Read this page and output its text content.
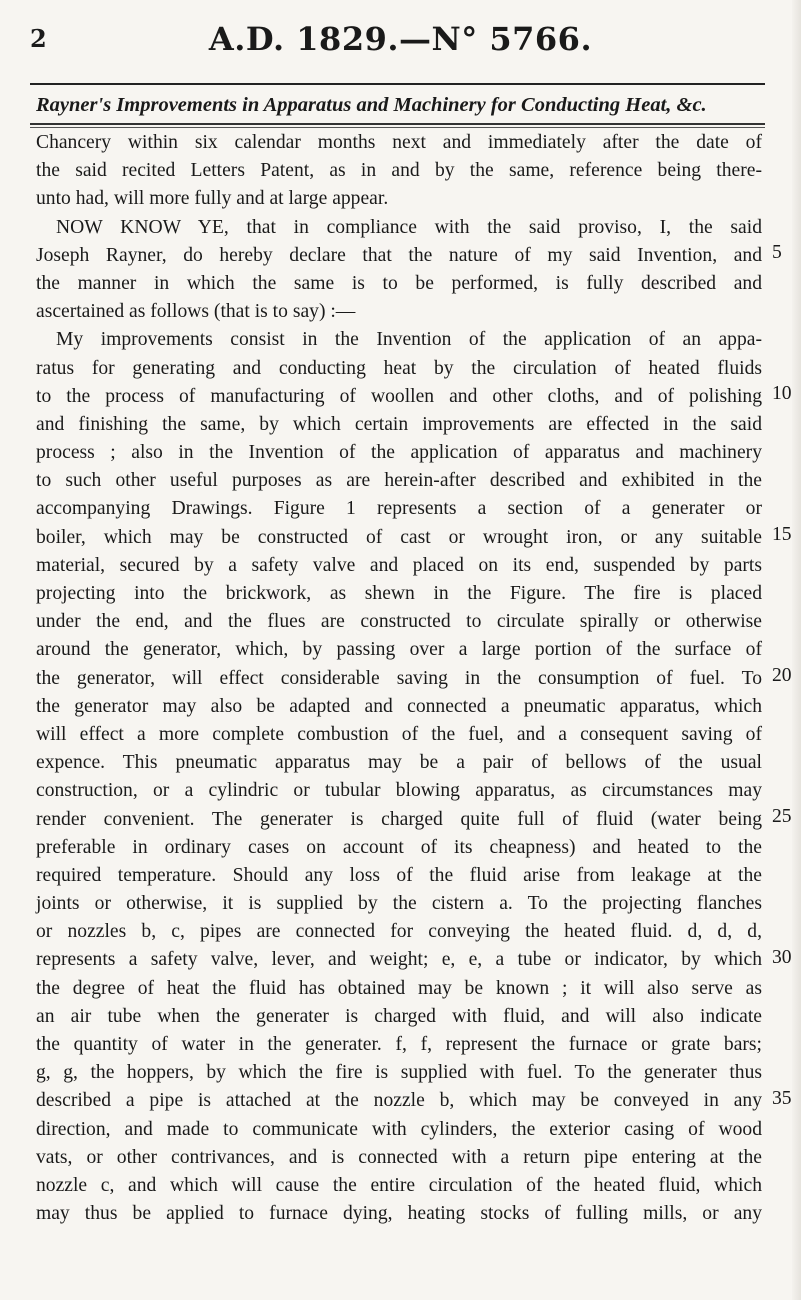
2	A.D. 1829.—N° 5766.
Rayner's Improvements in Apparatus and Machinery for Conducting Heat, &c.
Chancery within six calendar months next and immediately after the date of
the said recited Letters Patent, as in and by the same, reference being there-
unto had, will more fully and at large appear.
NOW KNOW YE, that in compliance with the said proviso, I, the said
Joseph Rayner, do hereby declare that the nature of my said Invention, and
the manner in which the same is to be performed, is fully described and
ascertained as follows (that is to say) :—
My improvements consist in the Invention of the application of an appa-
ratus for generating and conducting heat by the circulation of heated fluids
to the process of manufacturing of woollen and other cloths, and of polishing
and finishing the same, by which certain improvements are effected in the said
process ; also in the Invention of the application of apparatus and machinery
to such other useful purposes as are herein-after described and exhibited in the
accompanying Drawings. Figure 1 represents a section of a generater or
boiler, which may be constructed of cast or wrought iron, or any suitable
material, secured by a safety valve and placed on its end, suspended by parts
projecting into the brickwork, as shewn in the Figure. The fire is placed
under the end, and the flues are constructed to circulate spirally or otherwise
around the generator, which, by passing over a large portion of the surface of
the generator, will effect considerable saving in the consumption of fuel. To
the generator may also be adapted and connected a pneumatic apparatus, which
will effect a more complete combustion of the fuel, and a consequent saving of
expence. This pneumatic apparatus may be a pair of bellows of the usual
construction, or a cylindric or tubular blowing apparatus, as circumstances may
render convenient. The generater is charged quite full of fluid (water being
preferable in ordinary cases on account of its cheapness) and heated to the
required temperature. Should any loss of the fluid arise from leakage at the
joints or otherwise, it is supplied by the cistern a. To the projecting flanches
or nozzles b, c, pipes are connected for conveying the heated fluid. d, d, d,
represents a safety valve, lever, and weight; e, e, a tube or indicator, by which
the degree of heat the fluid has obtained may be known ; it will also serve as
an air tube when the generater is charged with fluid, and will also indicate
the quantity of water in the generater. f, f, represent the furnace or grate bars;
g, g, the hoppers, by which the fire is supplied with fuel. To the generater thus
described a pipe is attached at the nozzle b, which may be conveyed in any
direction, and made to communicate with cylinders, the exterior casing of wood
vats, or other contrivances, and is connected with a return pipe entering at the
nozzle c, and which will cause the entire circulation of the heated fluid, which
may thus be applied to furnace dying, heating stocks of fulling mills, or any
5
10
15
20
25
30
35
